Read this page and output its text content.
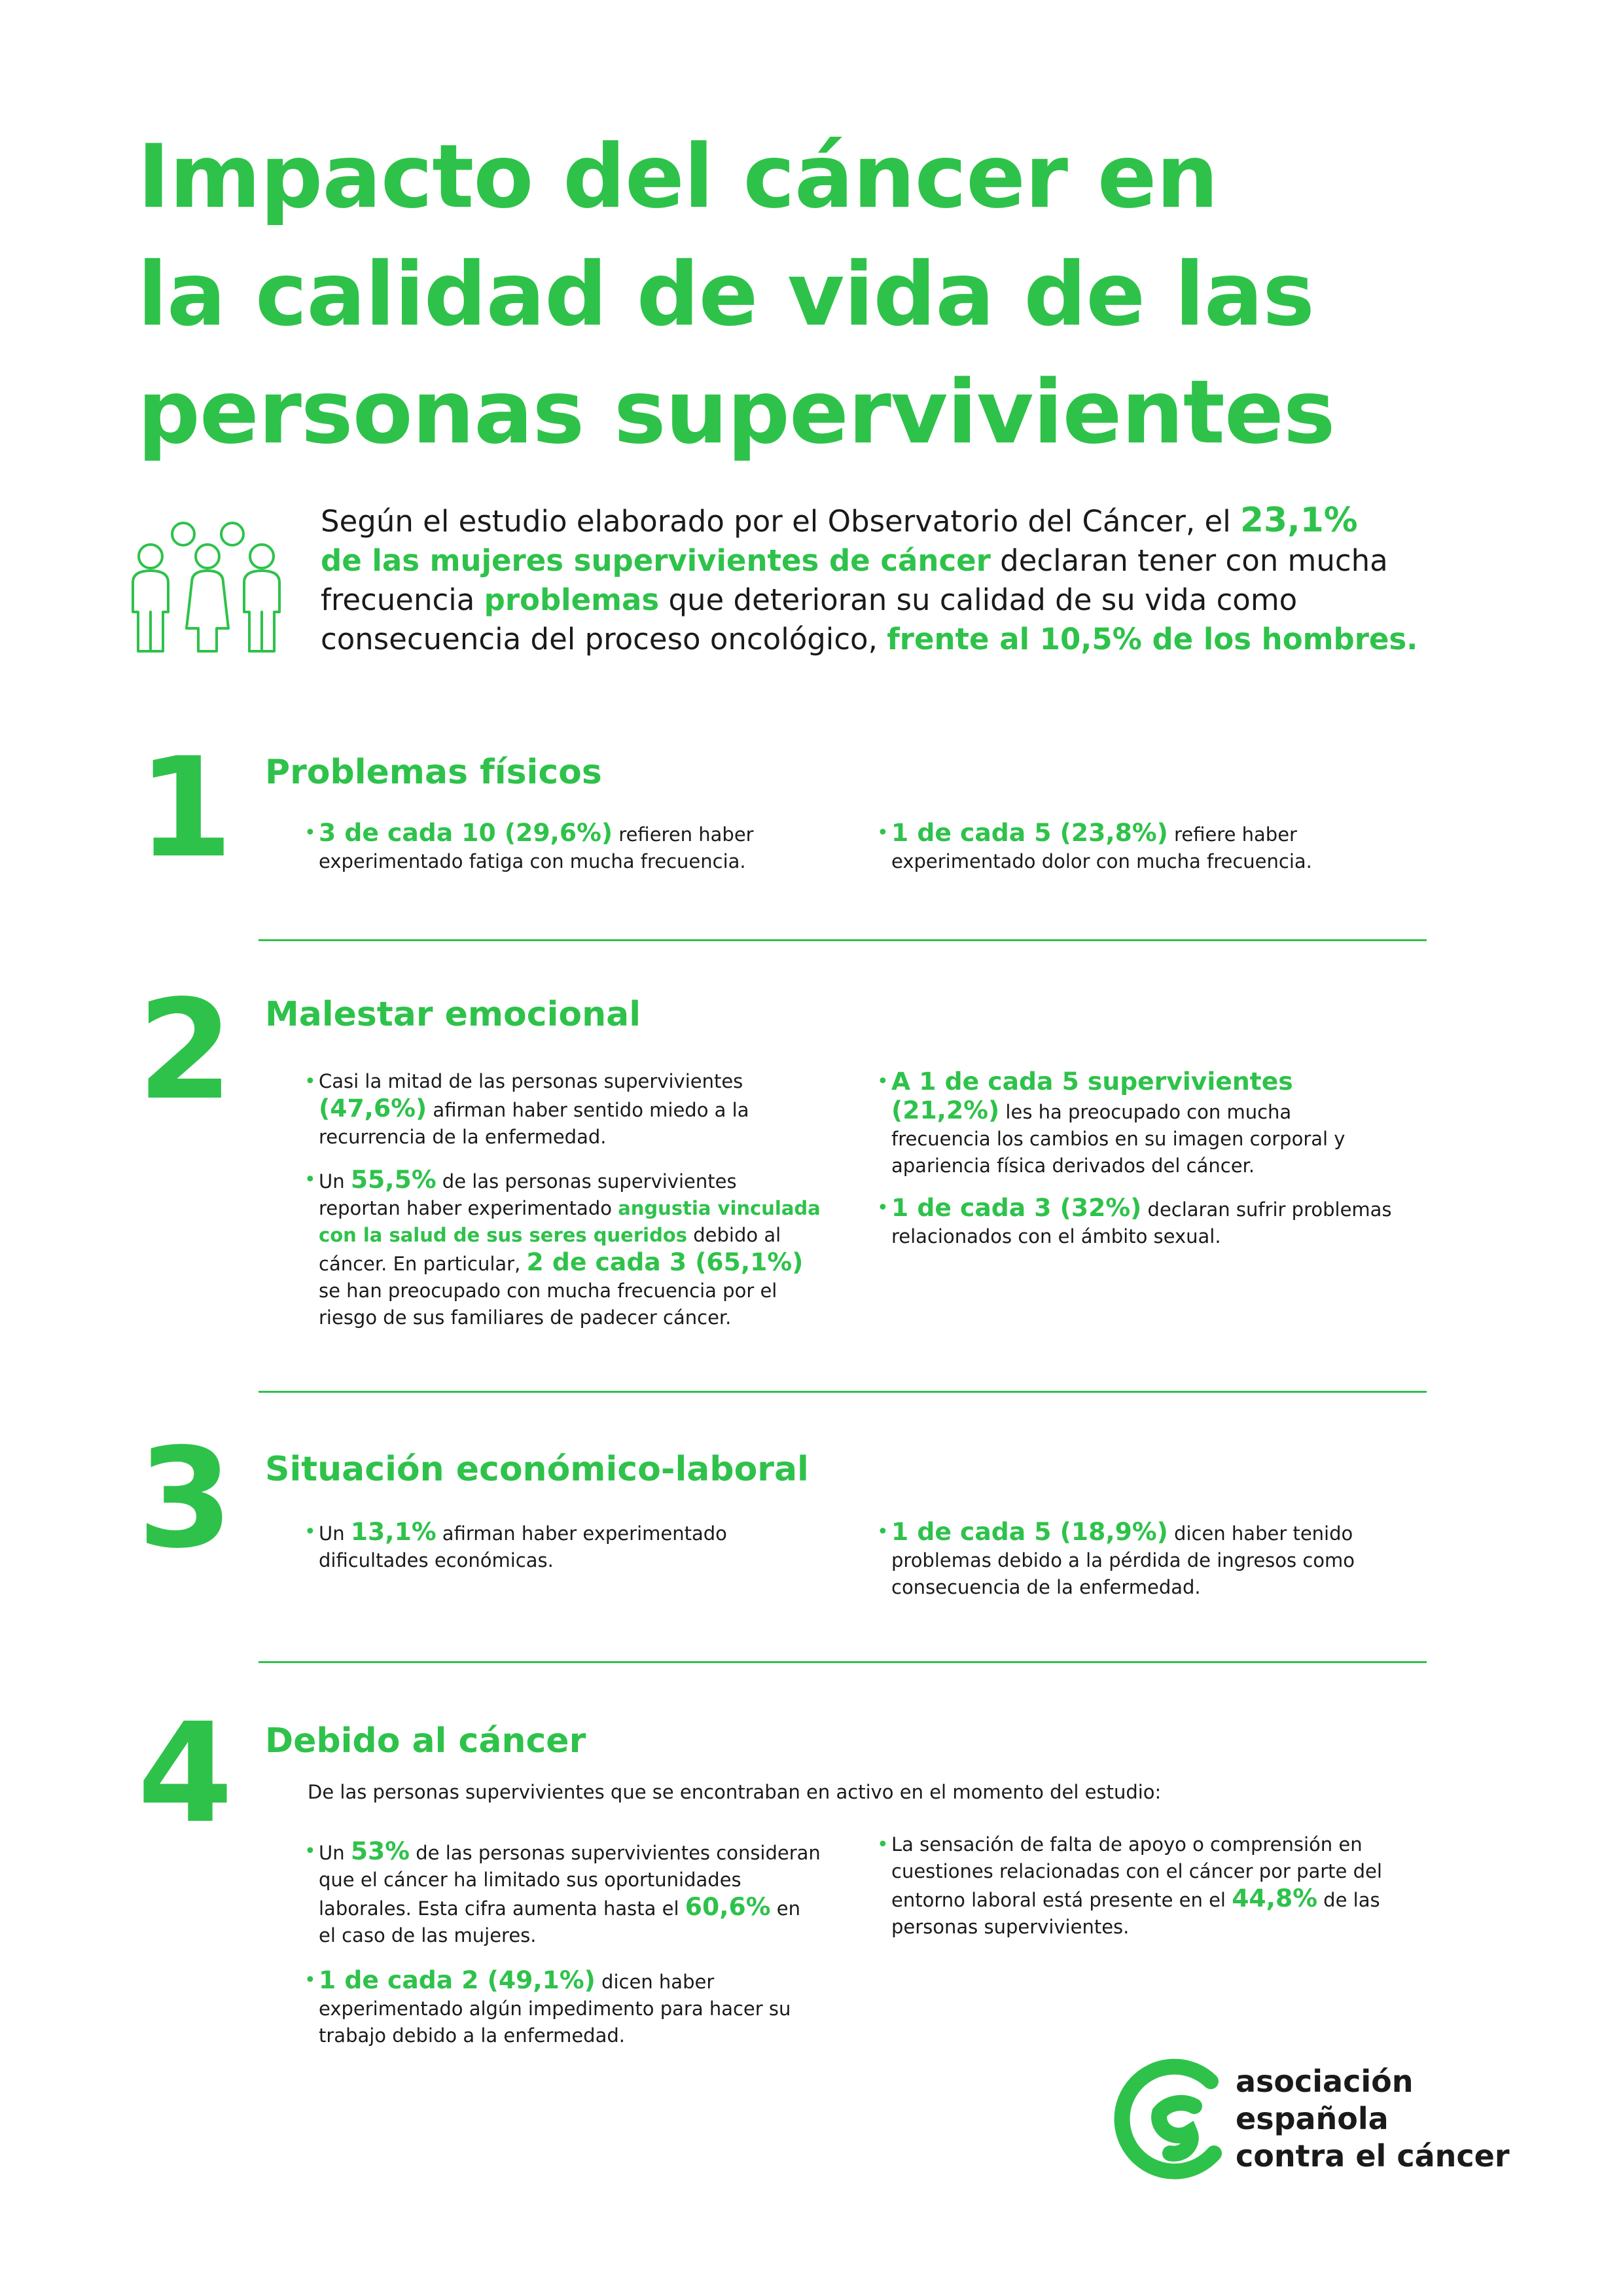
Impacto del cáncer en
la calidad de vida de las
personas supervivientes

Según el estudio elaborado por el Observatorio del Cáncer, el 23,1%
de las mujeres supervivientes de cáncer declaran tener con mucha frecuencia problemas que deterioran su calidad de su vida como consecuencia del proceso oncológico, frente al 10,5% de los hombres.

1 Problemas físicos

• 3 de cada 10 (29,6%) refieren haber experimentado fatiga con mucha frecuencia.

• 1 de cada 5 (23,8%) refiere haber experimentado dolor con mucha frecuencia.

2 Malestar emocional

• Casi la mitad de las personas supervivientes (47,6%) afirman haber sentido miedo a la recurrencia de la enfermedad.

• Un 55,5% de las personas supervivientes reportan haber experimentado angustia vinculada con la salud de sus seres queridos debido al cáncer. En particular, 2 de cada 3 (65,1%) se han preocupado con mucha frecuencia por el riesgo de sus familiares de padecer cáncer.

• A 1 de cada 5 supervivientes (21,2%) les ha preocupado con mucha frecuencia los cambios en su imagen corporal y apariencia física derivados del cáncer.

• 1 de cada 3 (32%) declaran sufrir problemas relacionados con el ámbito sexual.

3 Situación económico-laboral

• Un 13,1% afirman haber experimentado dificultades económicas.

• 1 de cada 5 (18,9%) dicen haber tenido problemas debido a la pérdida de ingresos como consecuencia de la enfermedad.

4 Debido al cáncer

De las personas supervivientes que se encontraban en activo en el momento del estudio:

• Un 53% de las personas supervivientes consideran que el cáncer ha limitado sus oportunidades laborales. Esta cifra aumenta hasta el 60,6% en el caso de las mujeres.

• 1 de cada 2 (49,1%) dicen haber experimentado algún impedimento para hacer su trabajo debido a la enfermedad.

• La sensación de falta de apoyo o comprensión en cuestiones relacionadas con el cáncer por parte del entorno laboral está presente en el 44,8% de las personas supervivientes.

asociación
española
contra el cáncer
